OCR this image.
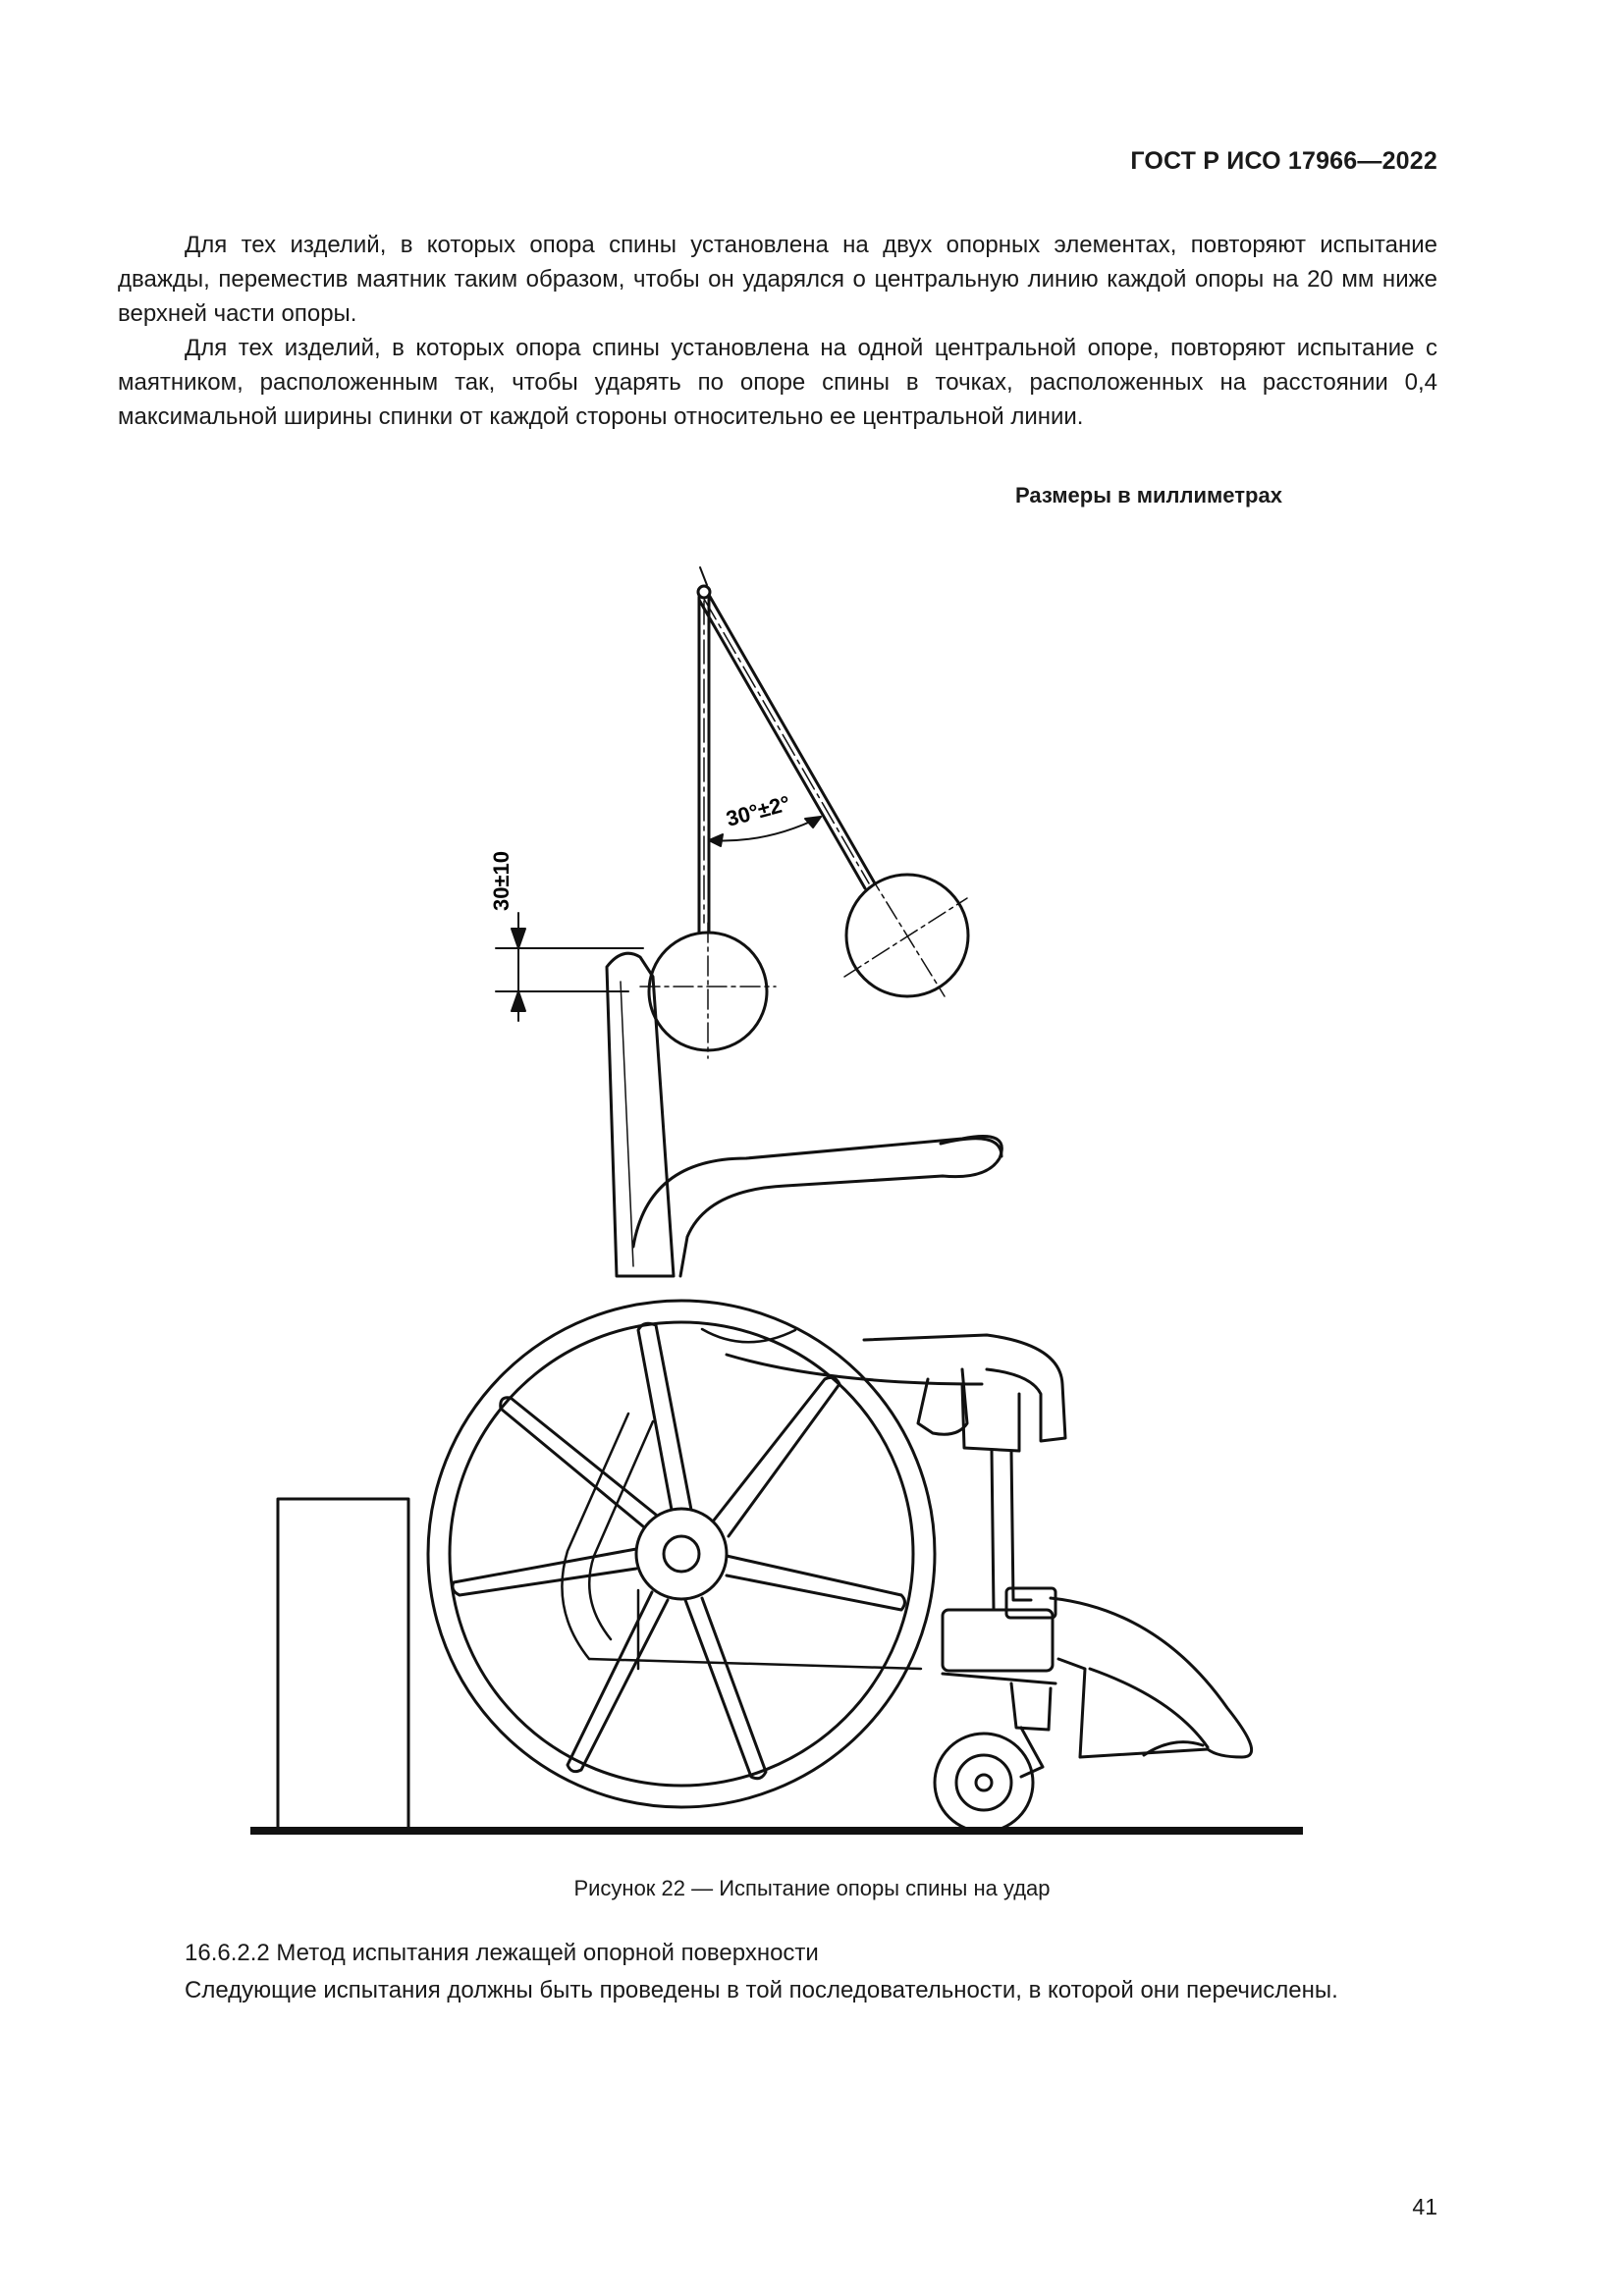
ГОСТ Р ИСО 17966—2022

Для тех изделий, в которых опора спины установлена на двух опорных элементах, повторяют испытание дважды, переместив маятник таким образом, чтобы он ударялся о центральную линию каждой опоры на 20 мм ниже верхней части опоры.

Для тех изделий, в которых опора спины установлена на одной центральной опоре, повторяют испытание с маятником, расположенным так, чтобы ударять по опоре спины в точках, расположенных на расстоянии 0,4 максимальной ширины спинки от каждой стороны относительно ее центральной линии.

Размеры в миллиметрах
30±10
30°±2°
Рисунок 22 — Испытание опоры спины на удар

16.6.2.2 Метод испытания лежащей опорной поверхности

Следующие испытания должны быть проведены в той последовательности, в которой они перечислены.

41
